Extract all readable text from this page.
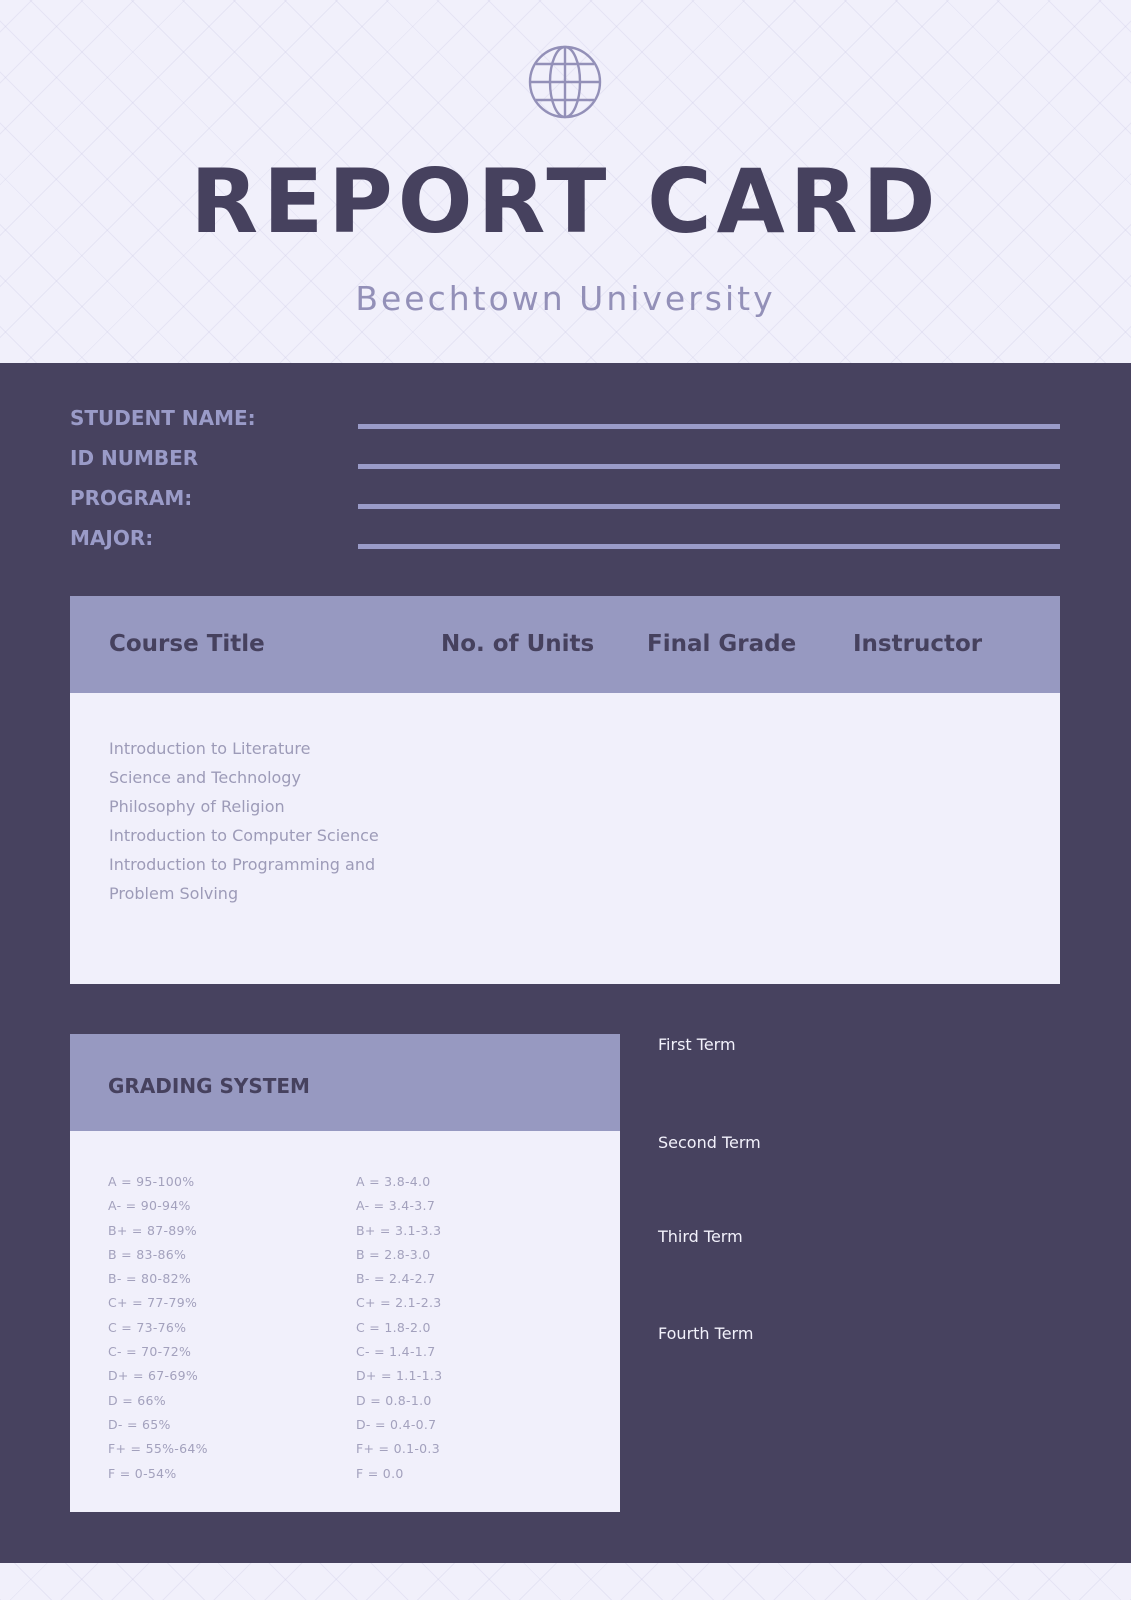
REPORT CARD
Beechtown University
STUDENT NAME:
ID NUMBER
PROGRAM:
MAJOR:
Course Title	No. of Units Final Grade Instructor
Introduction to Literature
Science and Technology
Philosophy of Religion
Introduction to Computer Science
Introduction to Programming and
Problem Solving
GRADING SYSTEM
A = 95-100%
A- = 90-94%
B+ = 87-89%
B = 83-86%
B- = 80-82%
C+ = 77-79%
C = 73-76%
C- = 70-72%
D+ = 67-69%
D = 66%
D- = 65%
F+ = 55%-64%
F = 0-54%
A = 3.8-4.0
A- = 3.4-3.7
B+ = 3.1-3.3
B = 2.8-3.0
B- = 2.4-2.7
C+ = 2.1-2.3
C = 1.8-2.0
C- = 1.4-1.7
D+ = 1.1-1.3
D = 0.8-1.0
D- = 0.4-0.7
F+ = 0.1-0.3
F = 0.0
First Term
Second Term
Third Term
Fourth Term
